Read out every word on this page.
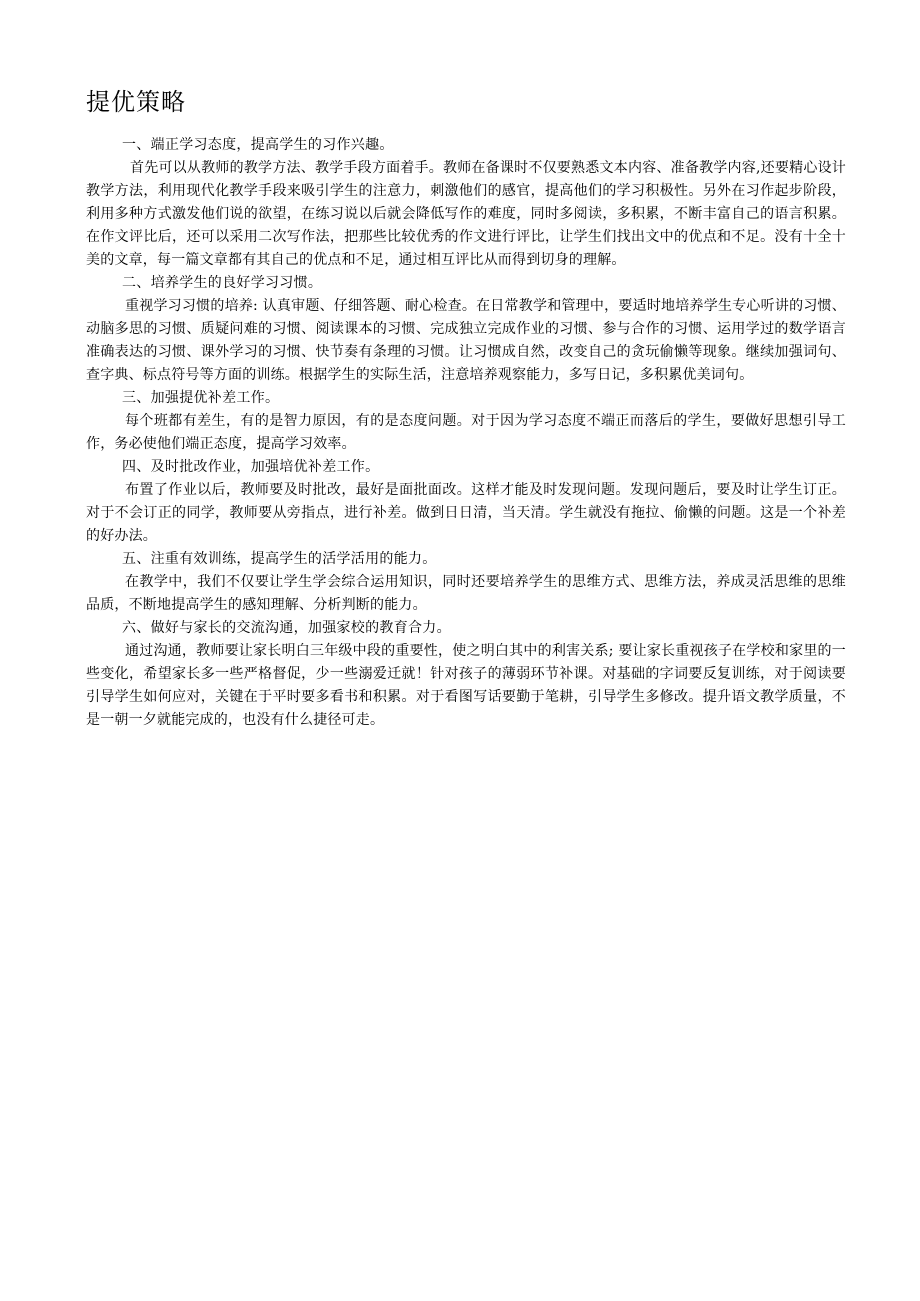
提优策略

一、端正学习态度，提高学生的习作兴趣。

首先可以从教师的教学方法、教学手段方面着手。教师在备课时不仅要熟悉文本内容、准备教学内容,还要精心设计教学方法，利用现代化教学手段来吸引学生的注意力，刺激他们的感官，提高他们的学习积极性。另外在习作起步阶段，利用多种方式激发他们说的欲望，在练习说以后就会降低写作的难度，同时多阅读，多积累，不断丰富自己的语言积累。在作文评比后，还可以采用二次写作法，把那些比较优秀的作文进行评比，让学生们找出文中的优点和不足。没有十全十美的文章，每一篇文章都有其自己的优点和不足，通过相互评比从而得到切身的理解。

二、培养学生的良好学习习惯。

重视学习习惯的培养: 认真审题、仔细答题、耐心检查。在日常教学和管理中，要适时地培养学生专心听讲的习惯、动脑多思的习惯、质疑问难的习惯、阅读课本的习惯、完成独立完成作业的习惯、参与合作的习惯、运用学过的数学语言准确表达的习惯、课外学习的习惯、快节奏有条理的习惯。让习惯成自然，改变自己的贪玩偷懒等现象。继续加强词句、查字典、标点符号等方面的训练。根据学生的实际生活，注意培养观察能力，多写日记，多积累优美词句。

三、加强提优补差工作。

每个班都有差生，有的是智力原因，有的是态度问题。对于因为学习态度不端正而落后的学生，要做好思想引导工作，务必使他们端正态度，提高学习效率。

四、及时批改作业，加强培优补差工作。

布置了作业以后，教师要及时批改，最好是面批面改。这样才能及时发现问题。发现问题后，要及时让学生订正。对于不会订正的同学，教师要从旁指点，进行补差。做到日日清，当天清。学生就没有拖拉、偷懒的问题。这是一个补差的好办法。

五、注重有效训练，提高学生的活学活用的能力。

在教学中，我们不仅要让学生学会综合运用知识，同时还要培养学生的思维方式、思维方法，养成灵活思维的思维品质，不断地提高学生的感知理解、分析判断的能力。

六、做好与家长的交流沟通，加强家校的教育合力。

通过沟通，教师要让家长明白三年级中段的重要性，使之明白其中的利害关系; 要让家长重视孩子在学校和家里的一些变化，希望家长多一些严格督促，少一些溺爱迁就！针对孩子的薄弱环节补课。对基础的字词要反复训练，对于阅读要引导学生如何应对，关键在于平时要多看书和积累。对于看图写话要勤于笔耕，引导学生多修改。提升语文教学质量，不是一朝一夕就能完成的，也没有什么捷径可走。
